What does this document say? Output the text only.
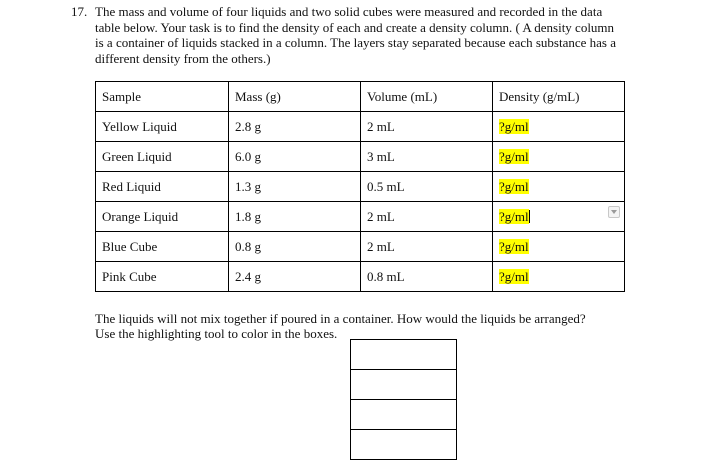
17. The mass and volume of four liquids and two solid cubes were measured and recorded in the data table below. Your task is to find the density of each and create a density column. ( A density column is a container of liquids stacked in a column. The layers stay separated because each substance has a different density from the others.)
Sample	Mass (g)	Volume (mL)	Density (g/mL)
Yellow Liquid	2.8 g	2 mL	?g/ml
Green Liquid	6.0 g	3 mL	?g/ml
Red Liquid	1.3 g	0.5 mL	?g/ml
Orange Liquid	1.8 g	2 mL	?g/ml
Blue Cube	0.8 g	2 mL	?g/ml
Pink Cube	2.4 g	0.8 mL	?g/ml
The liquids will not mix together if poured in a container. How would the liquids be arranged?
Use the highlighting tool to color in the boxes.
